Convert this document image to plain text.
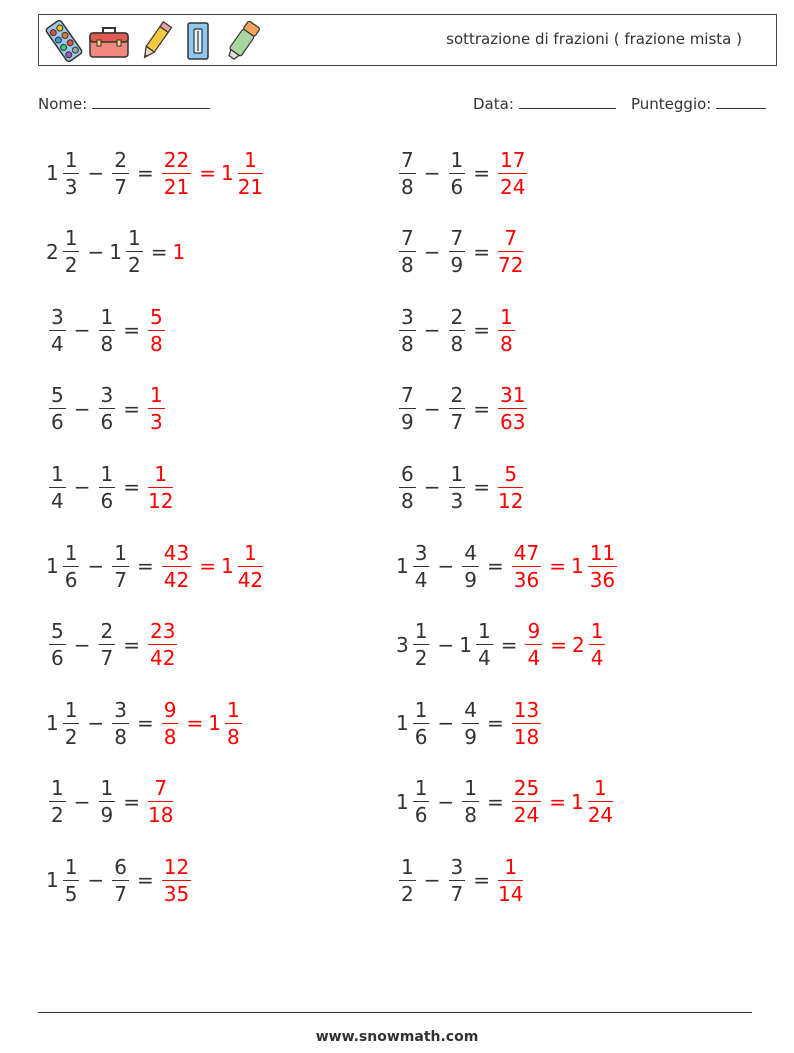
sottrazione di frazioni ( frazione mista )
Nome:	Data:	Punteggio:
$1 \frac{1}{3} - \frac{2}{7} = \frac{22}{21} = 1 \frac{1}{21}$	$\frac{7}{8} - \frac{1}{6} = \frac{17}{24}$
$2 \frac{1}{2} - 1 \frac{1}{2} = 1$	$\frac{7}{8} - \frac{7}{9} = \frac{7}{72}$
$\frac{3}{4} - \frac{1}{8} = \frac{5}{8}$	$\frac{3}{8} - \frac{2}{8} = \frac{1}{8}$
$\frac{5}{6} - \frac{3}{6} = \frac{1}{3}$	$\frac{7}{9} - \frac{2}{7} = \frac{31}{63}$
$\frac{1}{4} - \frac{1}{6} = \frac{1}{12}$	$\frac{6}{8} - \frac{1}{3} = \frac{5}{12}$
$1 \frac{1}{6} - \frac{1}{7} = \frac{43}{42} = 1 \frac{1}{42}$	$1 \frac{3}{4} - \frac{4}{9} = \frac{47}{36} = 1 \frac{11}{36}$
$\frac{5}{6} - \frac{2}{7} = \frac{23}{42}$	$3 \frac{1}{2} - 1 \frac{1}{4} = \frac{9}{4} = 2 \frac{1}{4}$
$1 \frac{1}{2} - \frac{3}{8} = \frac{9}{8} = 1 \frac{1}{8}$	$1 \frac{1}{6} - \frac{4}{9} = \frac{13}{18}$
$\frac{1}{2} - \frac{1}{9} = \frac{7}{18}$	$1 \frac{1}{6} - \frac{1}{8} = \frac{25}{24} = 1 \frac{1}{24}$
$1 \frac{1}{5} - \frac{6}{7} = \frac{12}{35}$	$\frac{1}{2} - \frac{3}{7} = \frac{1}{14}$
www.snowmath.com
